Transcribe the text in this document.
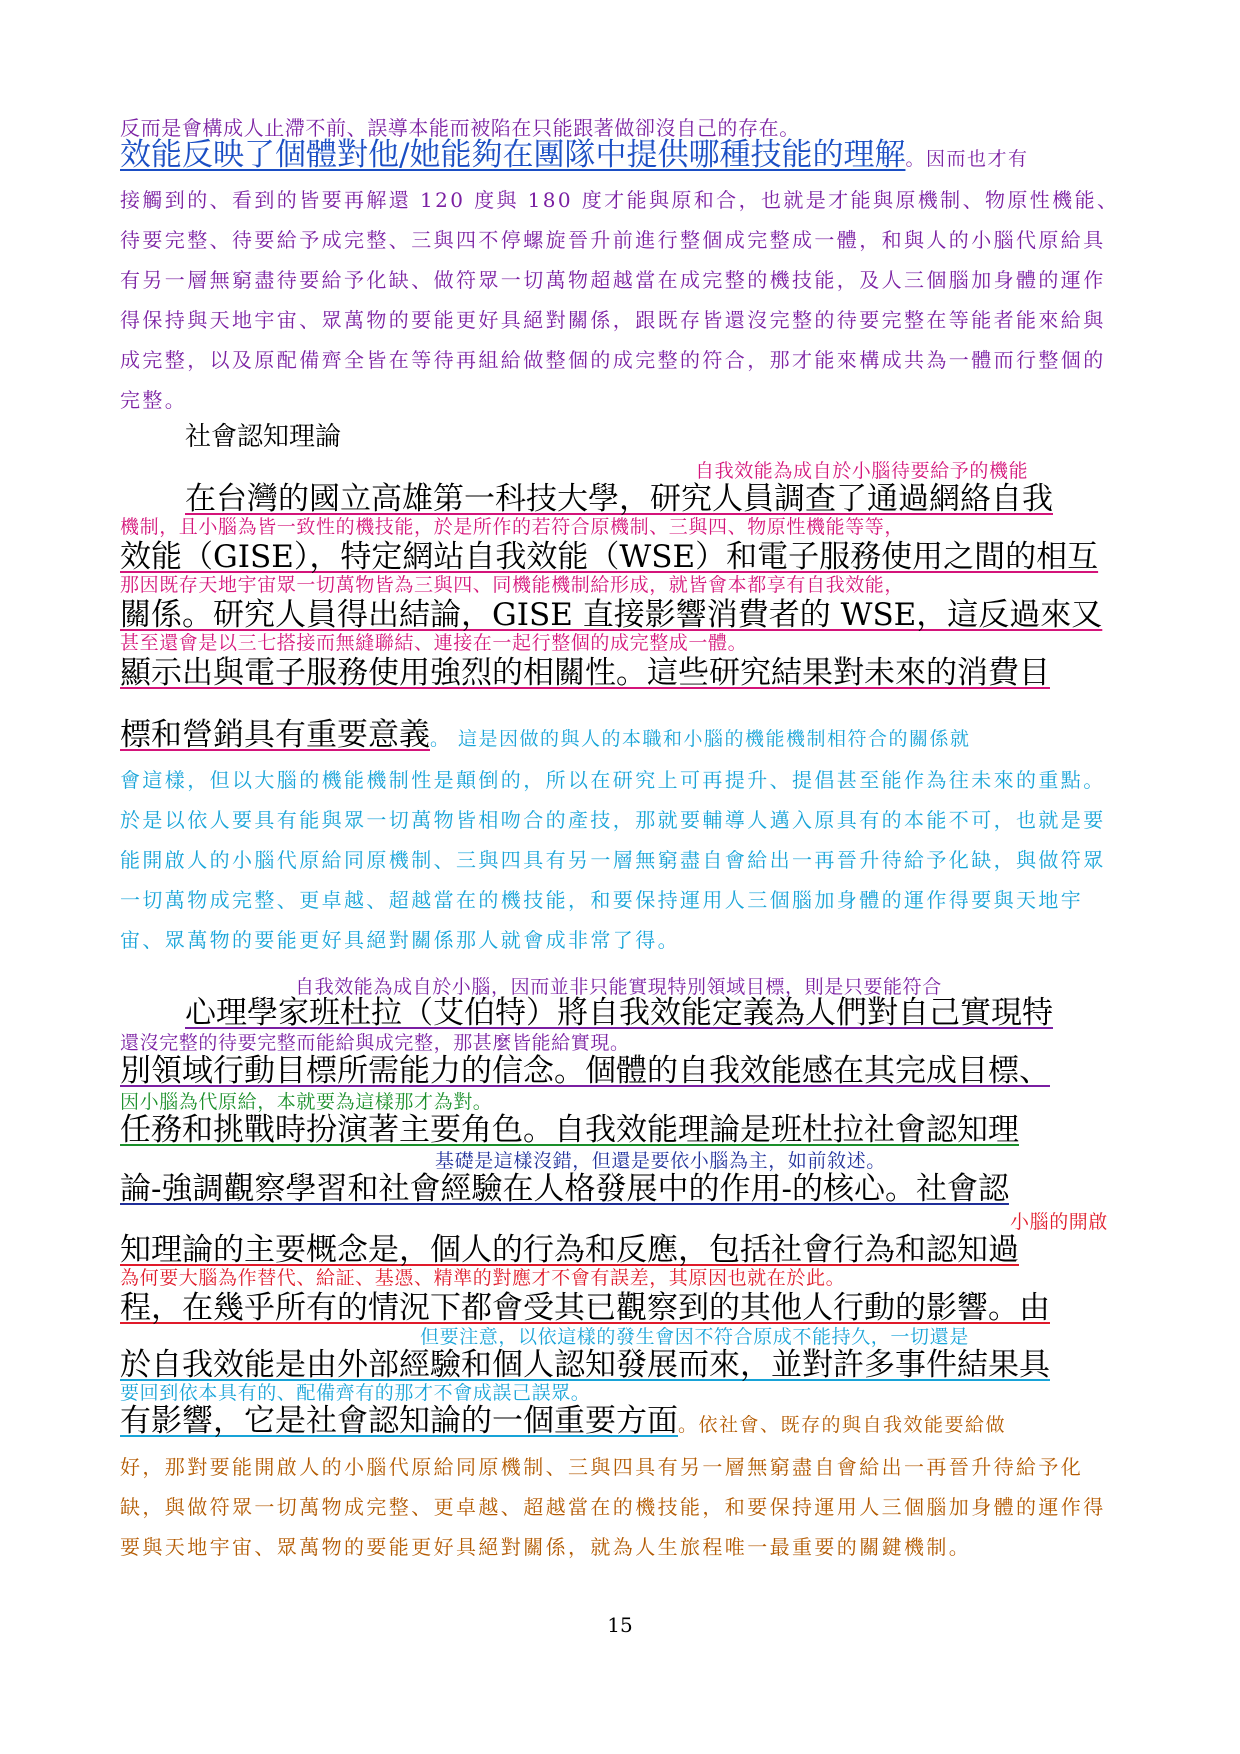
反而是會構成人止滯不前、誤導本能而被陷在只能跟著做卻沒自己的存在。
效能反映了個體對他/她能夠在團隊中提供哪種技能的理解。因而也才有

接觸到的、看到的皆要再解還 120 度與 180 度才能與原和合，也就是才能與原機制、物原性機能、待要完整、待要給予成完整、三與四不停螺旋晉升前進行整個成完整成一體，和與人的小腦代原給具有另一層無窮盡待要給予化缺、做符眾一切萬物超越當在成完整的機技能，及人三個腦加身體的運作得保持與天地宇宙、眾萬物的要能更好具絕對關係，跟既存皆還沒完整的待要完整在等能者能來給與成完整，以及原配備齊全皆在等待再組給做整個的成完整的符合，那才能來構成共為一體而行整個的完整。

社會認知理論
自我效能為成自於小腦待要給予的機能
在台灣的國立高雄第一科技大學，研究人員調查了通過網絡自我
機制，且小腦為皆一致性的機技能，於是所作的若符合原機制、三與四、物原性機能等等，
效能（GISE），特定網站自我效能（WSE）和電子服務使用之間的相互
那因既存天地宇宙眾一切萬物皆為三與四、同機能機制給形成，就皆會本都享有自我效能，
關係。研究人員得出結論，GISE 直接影響消費者的 WSE，這反過來又
甚至還會是以三七搭接而無縫聯結、連接在一起行整個的成完整成一體。
顯示出與電子服務使用強烈的相關性。這些研究結果對未來的消費目
標和營銷具有重要意義。 這是因做的與人的本職和小腦的機能機制相符合的關係就

會這樣，但以大腦的機能機制性是顛倒的，所以在研究上可再提升、提倡甚至能作為往未來的重點。於是以依人要具有能與眾一切萬物皆相吻合的產技，那就要輔導人邁入原具有的本能不可，也就是要能開啟人的小腦代原給同原機制、三與四具有另一層無窮盡自會給出一再晉升待給予化缺，與做符眾一切萬物成完整、更卓越、超越當在的機技能，和要保持運用人三個腦加身體的運作得要與天地宇宙、眾萬物的要能更好具絕對關係那人就會成非常了得。

自我效能為成自於小腦，因而並非只能實現特別領域目標，則是只要能符合
心理學家班杜拉（艾伯特）將自我效能定義為人們對自己實現特
還沒完整的待要完整而能給與成完整，那甚麼皆能給實現。
別領域行動目標所需能力的信念。個體的自我效能感在其完成目標、
因小腦為代原給，本就要為這樣那才為對。
任務和挑戰時扮演著主要角色。自我效能理論是班杜拉社會認知理
基礎是這樣沒錯，但還是要依小腦為主，如前敘述。
論-強調觀察學習和社會經驗在人格發展中的作用-的核心。社會認
小腦的開啟
知理論的主要概念是，個人的行為和反應，包括社會行為和認知過
為何要大腦為作替代、給証、基憑、精準的對應才不會有誤差，其原因也就在於此。
程，在幾乎所有的情況下都會受其已觀察到的其他人行動的影響。由
但要注意，以依這樣的發生會因不符合原成不能持久，一切還是
於自我效能是由外部經驗和個人認知發展而來，並對許多事件結果具
要回到依本具有的、配備齊有的那才不會成誤己誤眾。
有影響，它是社會認知論的一個重要方面。依社會、既存的與自我效能要給做

好，那對要能開啟人的小腦代原給同原機制、三與四具有另一層無窮盡自會給出一再晉升待給予化缺，與做符眾一切萬物成完整、更卓越、超越當在的機技能，和要保持運用人三個腦加身體的運作得要與天地宇宙、眾萬物的要能更好具絕對關係，就為人生旅程唯一最重要的關鍵機制。

15
